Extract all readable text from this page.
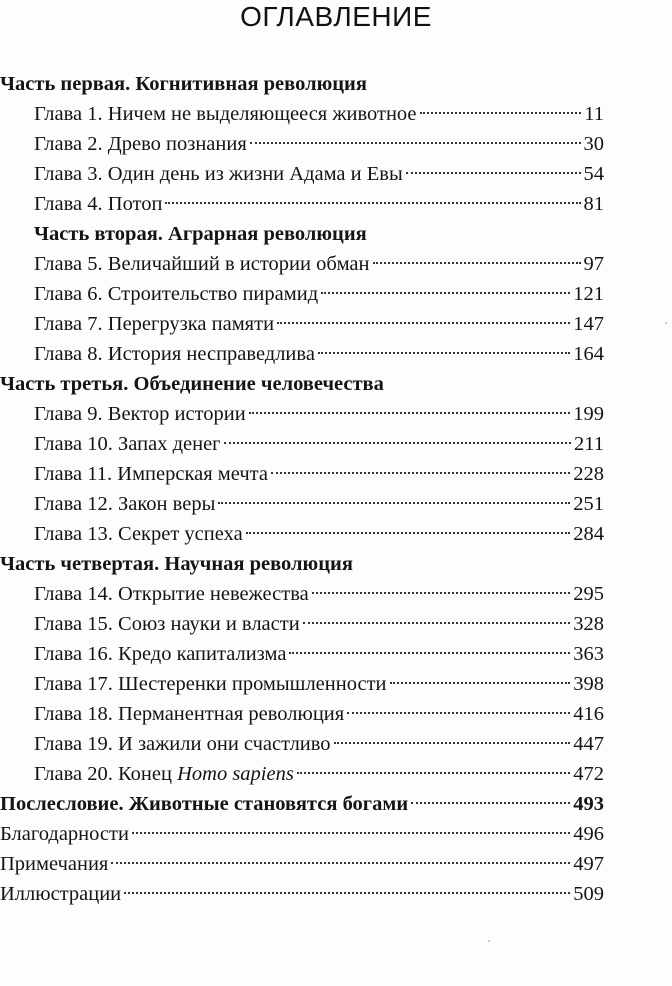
ОГЛАВЛЕНИЕ
Часть первая. Когнитивная революция
Глава 1. Ничем не выделяющееся животное	11
Глава 2. Древо познания	30
Глава 3. Один день из жизни Адама и Евы	54
Глава 4. Потоп	81
Часть вторая. Аграрная революция
Глава 5. Величайший в истории обман	97
Глава 6. Строительство пирамид	121
Глава 7. Перегрузка памяти	147
Глава 8. История несправедлива	164
Часть третья. Объединение человечества
Глава 9. Вектор истории	199
Глава 10. Запах денег	211
Глава 11. Имперская мечта	228
Глава 12. Закон веры	251
Глава 13. Секрет успеха	284
Часть четвертая. Научная революция
Глава 14. Открытие невежества	295
Глава 15. Союз науки и власти	328
Глава 16. Кредо капитализма	363
Глава 17. Шестеренки промышленности	398
Глава 18. Перманентная революция	416
Глава 19. И зажили они счастливо	447
Глава 20. Конец Homo sapiens	472
Послесловие. Животные становятся богами	493
Благодарности	496
Примечания	497
Иллюстрации	509
